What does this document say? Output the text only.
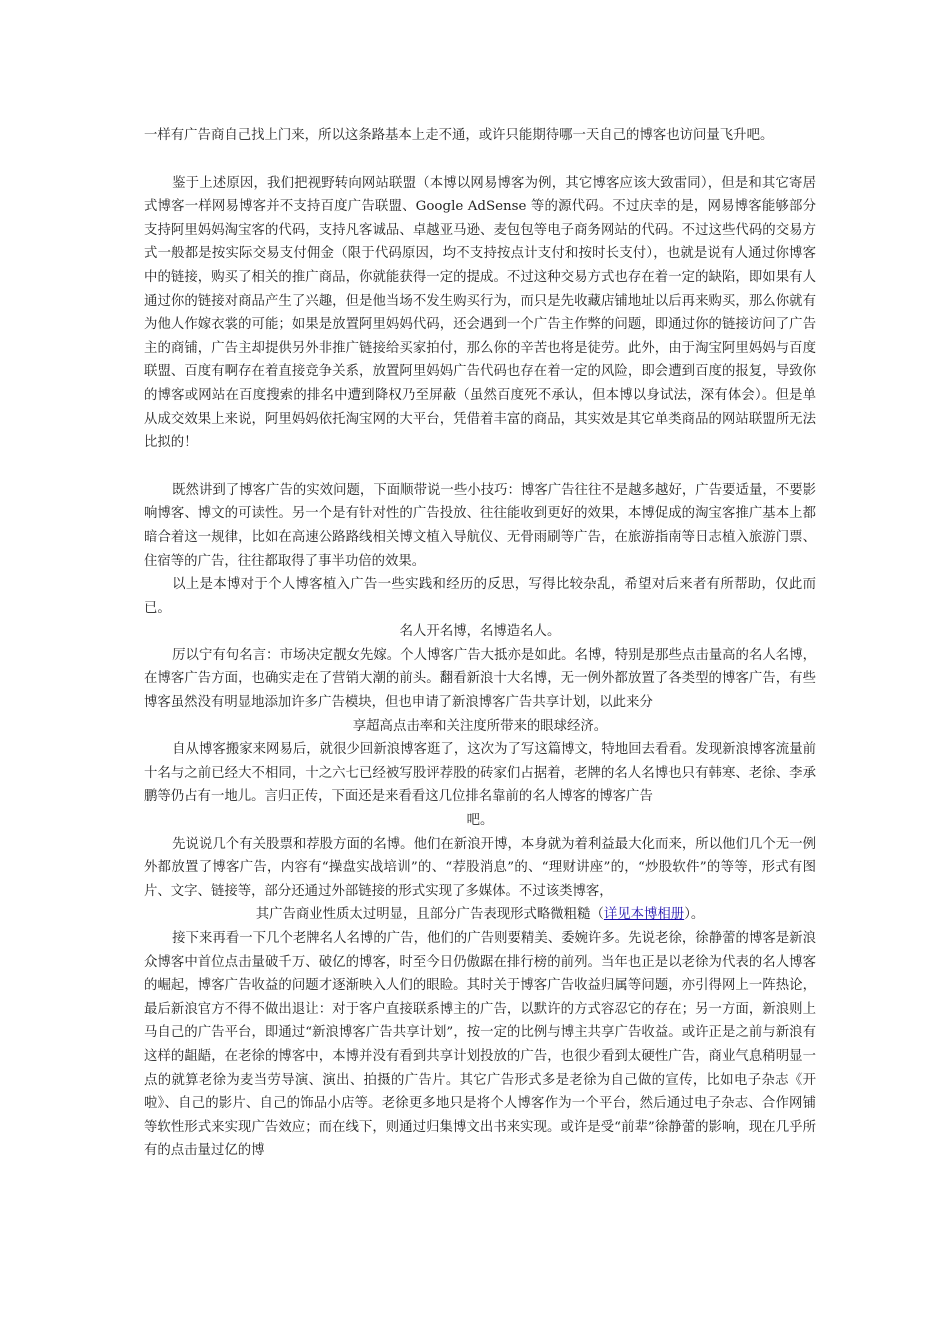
一样有广告商自己找上门来，所以这条路基本上走不通，或许只能期待哪一天自己的博客也访问量飞升吧。

鉴于上述原因，我们把视野转向网站联盟（本博以网易博客为例，其它博客应该大致雷同），但是和其它寄居式博客一样网易博客并不支持百度广告联盟、Google AdSense 等的源代码。不过庆幸的是，网易博客能够部分支持阿里妈妈淘宝客的代码，支持凡客诚品、卓越亚马逊、麦包包等电子商务网站的代码。不过这些代码的交易方式一般都是按实际交易支付佣金（限于代码原因，均不支持按点计支付和按时长支付），也就是说有人通过你博客中的链接，购买了相关的推广商品，你就能获得一定的提成。不过这种交易方式也存在着一定的缺陷，即如果有人通过你的链接对商品产生了兴趣，但是他当场不发生购买行为，而只是先收藏店铺地址以后再来购买，那么你就有为他人作嫁衣裳的可能；如果是放置阿里妈妈代码，还会遇到一个广告主作弊的问题，即通过你的链接访问了广告主的商铺，广告主却提供另外非推广链接给买家拍付，那么你的辛苦也将是徒劳。此外，由于淘宝阿里妈妈与百度联盟、百度有啊存在着直接竞争关系，放置阿里妈妈广告代码也存在着一定的风险，即会遭到百度的报复，导致你的博客或网站在百度搜索的排名中遭到降权乃至屏蔽（虽然百度死不承认，但本博以身试法，深有体会）。但是单从成交效果上来说，阿里妈妈依托淘宝网的大平台，凭借着丰富的商品，其实效是其它单类商品的网站联盟所无法比拟的！

既然讲到了博客广告的实效问题，下面顺带说一些小技巧：博客广告往往不是越多越好，广告要适量，不要影响博客、博文的可读性。另一个是有针对性的广告投放、往往能收到更好的效果，本博促成的淘宝客推广基本上都暗合着这一规律，比如在高速公路路线相关博文植入导航仪、无骨雨刷等广告，在旅游指南等日志植入旅游门票、住宿等的广告，往往都取得了事半功倍的效果。

以上是本博对于个人博客植入广告一些实践和经历的反思，写得比较杂乱，希望对后来者有所帮助，仅此而已。

名人开名博，名博造名人。

厉以宁有句名言：市场决定靓女先嫁。个人博客广告大抵亦是如此。名博，特别是那些点击量高的名人名博，在博客广告方面，也确实走在了营销大潮的前头。翻看新浪十大名博，无一例外都放置了各类型的博客广告，有些博客虽然没有明显地添加许多广告模块，但也申请了新浪博客广告共享计划，以此来分

享超高点击率和关注度所带来的眼球经济。

自从博客搬家来网易后，就很少回新浪博客逛了，这次为了写这篇博文，特地回去看看。发现新浪博客流量前十名与之前已经大不相同，十之六七已经被写股评荐股的砖家们占据着，老牌的名人名博也只有韩寒、老徐、李承鹏等仍占有一地儿。言归正传，下面还是来看看这几位排名靠前的名人博客的博客广告

吧。

先说说几个有关股票和荐股方面的名博。他们在新浪开博，本身就为着利益最大化而来，所以他们几个无一例外都放置了博客广告，内容有“操盘实战培训”的、“荐股消息”的、“理财讲座”的，“炒股软件”的等等，形式有图片、文字、链接等，部分还通过外部链接的形式实现了多媒体。不过该类博客，

其广告商业性质太过明显，且部分广告表现形式略微粗糙（详见本博相册）。

接下来再看一下几个老牌名人名博的广告，他们的广告则要精美、委婉许多。先说老徐，徐静蕾的博客是新浪众博客中首位点击量破千万、破亿的博客，时至今日仍傲踞在排行榜的前列。当年也正是以老徐为代表的名人博客的崛起，博客广告收益的问题才逐渐映入人们的眼睑。其时关于博客广告收益归属等问题，亦引得网上一阵热论，最后新浪官方不得不做出退让：对于客户直接联系博主的广告，以默许的方式容忍它的存在；另一方面，新浪则上马自己的广告平台，即通过“新浪博客广告共享计划”，按一定的比例与博主共享广告收益。或许正是之前与新浪有这样的龃龉，在老徐的博客中，本博并没有看到共享计划投放的广告，也很少看到太硬性广告，商业气息稍明显一点的就算老徐为麦当劳导演、演出、拍摄的广告片。其它广告形式多是老徐为自己做的宣传，比如电子杂志《开啦》、自己的影片、自己的饰品小店等。老徐更多地只是将个人博客作为一个平台，然后通过电子杂志、合作网铺等软性形式来实现广告效应；而在线下，则通过归集博文出书来实现。或许是受“前辈”徐静蕾的影响，现在几乎所有的点击量过亿的博
